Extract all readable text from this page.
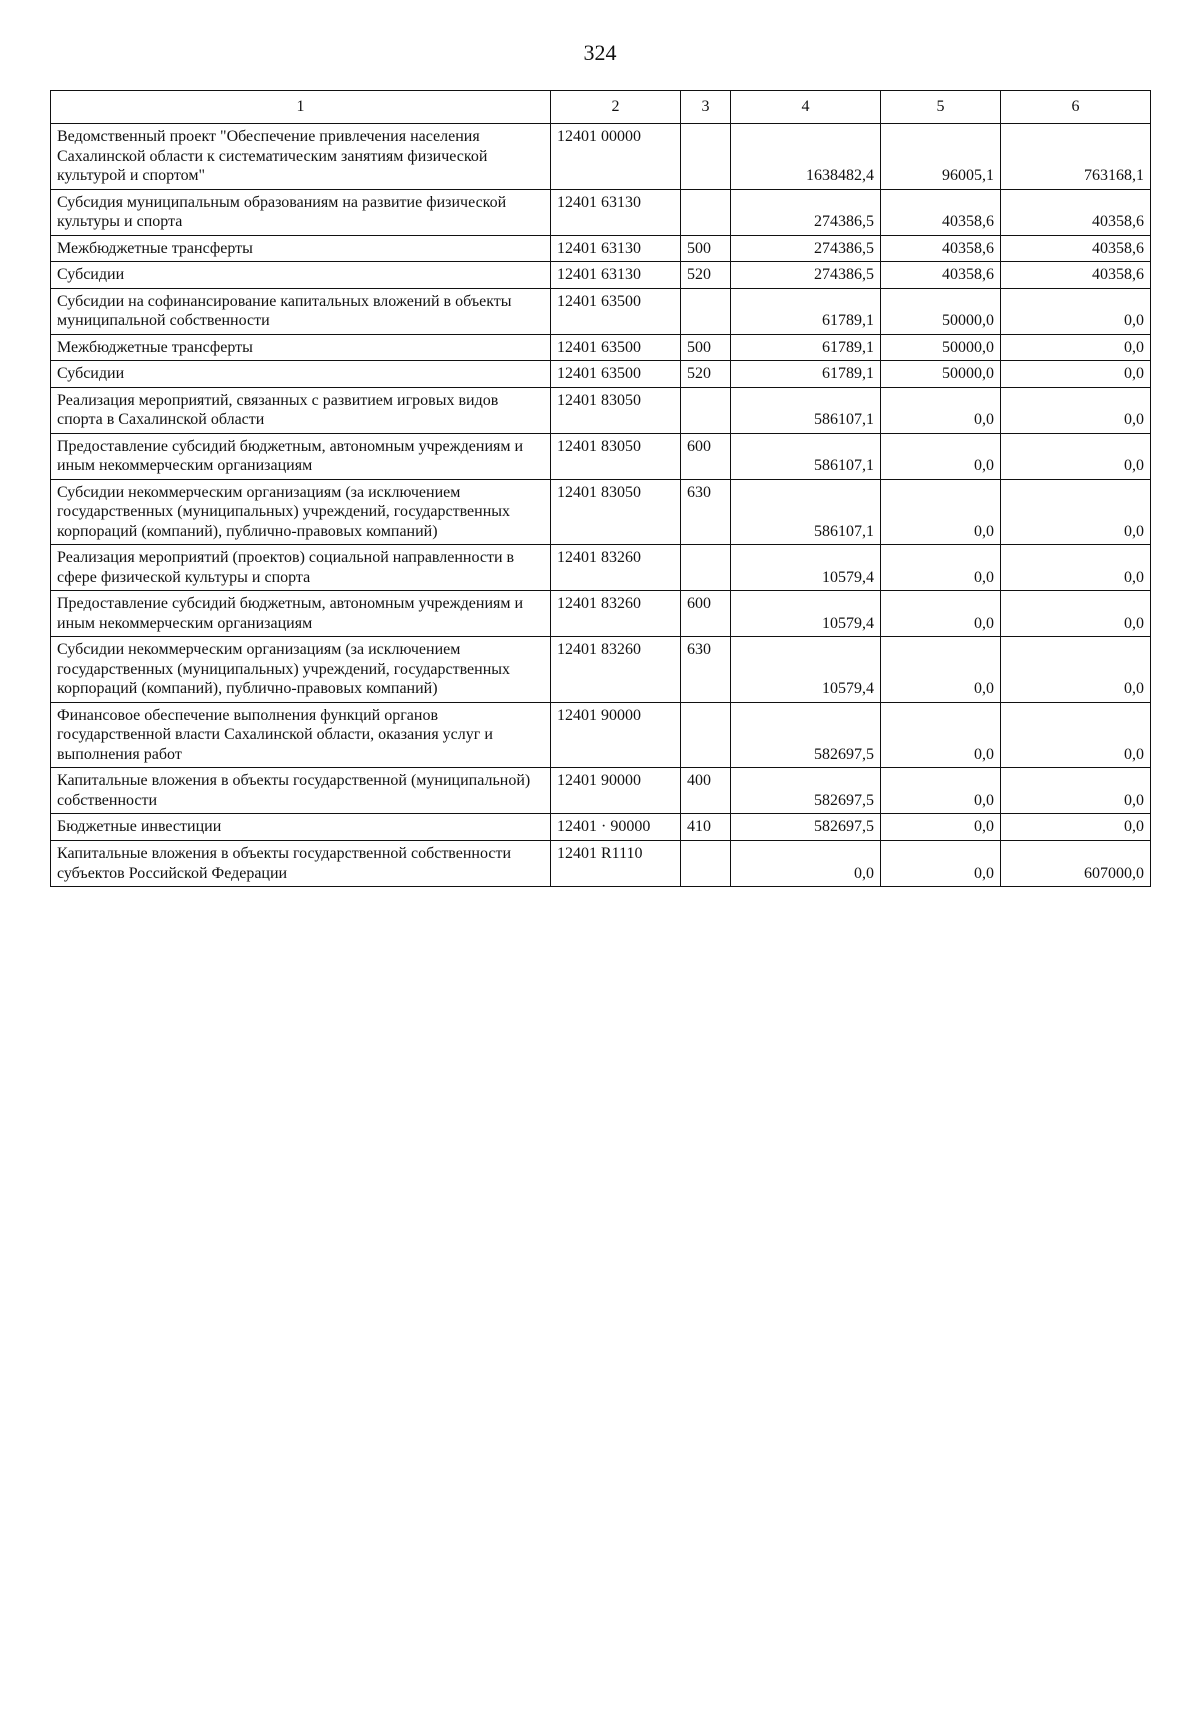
324
1	2	3	4	5	6
Ведомственный проект "Обеспечение привлечения населения Сахалинской области к систематическим занятиям физической культурой и спортом"	12401 00000		1638482,4	96005,1	763168,1
Субсидия муниципальным образованиям на развитие физической культуры и спорта	12401 63130		274386,5	40358,6	40358,6
Межбюджетные трансферты	12401 63130	500	274386,5	40358,6	40358,6
Субсидии	12401 63130	520	274386,5	40358,6	40358,6
Субсидии на софинансирование капитальных вложений в объекты муниципальной собственности	12401 63500		61789,1	50000,0	0,0
Межбюджетные трансферты	12401 63500	500	61789,1	50000,0	0,0
Субсидии	12401 63500	520	61789,1	50000,0	0,0
Реализация мероприятий, связанных с развитием игровых видов спорта в Сахалинской области	12401 83050		586107,1	0,0	0,0
Предоставление субсидий бюджетным, автономным учреждениям и иным некоммерческим организациям	12401 83050	600	586107,1	0,0	0,0
Субсидии некоммерческим организациям (за исключением государственных (муниципальных) учреждений, государственных корпораций (компаний), публично-правовых компаний)	12401 83050	630	586107,1	0,0	0,0
Реализация мероприятий (проектов) социальной направленности в сфере физической культуры и спорта	12401 83260		10579,4	0,0	0,0
Предоставление субсидий бюджетным, автономным учреждениям и иным некоммерческим организациям	12401 83260	600	10579,4	0,0	0,0
Субсидии некоммерческим организациям (за исключением государственных (муниципальных) учреждений, государственных корпораций (компаний), публично-правовых компаний)	12401 83260	630	10579,4	0,0	0,0
Финансовое обеспечение выполнения функций органов государственной власти Сахалинской области, оказания услуг и выполнения работ	12401 90000		582697,5	0,0	0,0
Капитальные вложения в объекты государственной (муниципальной) собственности	12401 90000	400	582697,5	0,0	0,0
Бюджетные инвестиции	12401 · 90000	410	582697,5	0,0	0,0
Капитальные вложения в объекты государственной собственности субъектов Российской Федерации	12401 R1110		0,0	0,0	607000,0
